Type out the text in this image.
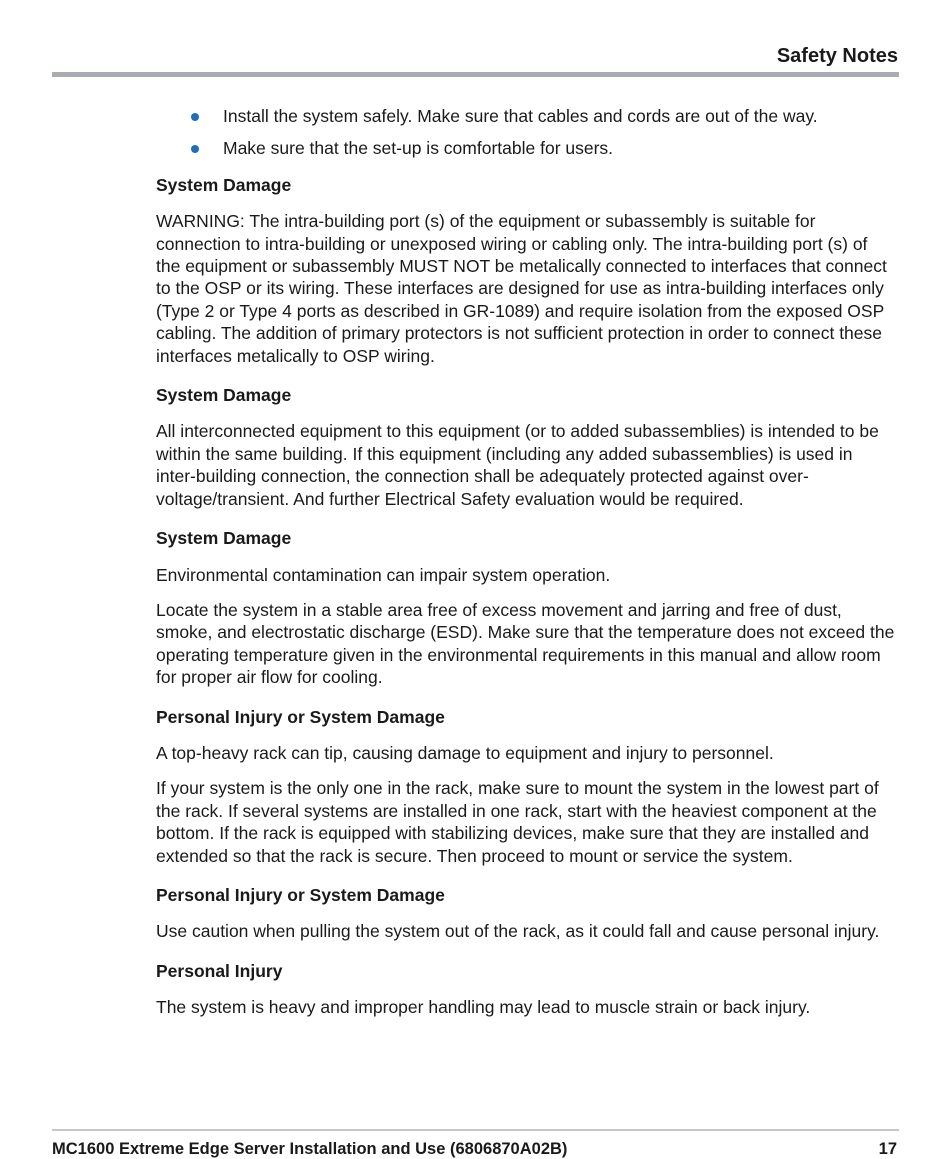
Safety Notes
Install the system safely. Make sure that cables and cords are out of the way.
Make sure that the set-up is comfortable for users.

System Damage

WARNING: The intra-building port (s) of the equipment or subassembly is suitable for connection to intra-building or unexposed wiring or cabling only. The intra-building port (s) of the equipment or subassembly MUST NOT be metalically connected to interfaces that connect to the OSP or its wiring. These interfaces are designed for use as intra-building interfaces only (Type 2 or Type 4 ports as described in GR-1089) and require isolation from the exposed OSP cabling. The addition of primary protectors is not sufficient protection in order to connect these interfaces metalically to OSP wiring.

System Damage

All interconnected equipment to this equipment (or to added subassemblies) is intended to be within the same building. If this equipment (including any added subassemblies) is used in inter-building connection, the connection shall be adequately protected against over-voltage/transient. And further Electrical Safety evaluation would be required.

System Damage

Environmental contamination can impair system operation.

Locate the system in a stable area free of excess movement and jarring and free of dust, smoke, and electrostatic discharge (ESD). Make sure that the temperature does not exceed the operating temperature given in the environmental requirements in this manual and allow room for proper air flow for cooling.

Personal Injury or System Damage

A top-heavy rack can tip, causing damage to equipment and injury to personnel.

If your system is the only one in the rack, make sure to mount the system in the lowest part of the rack. If several systems are installed in one rack, start with the heaviest component at the bottom. If the rack is equipped with stabilizing devices, make sure that they are installed and extended so that the rack is secure. Then proceed to mount or service the system.

Personal Injury or System Damage

Use caution when pulling the system out of the rack, as it could fall and cause personal injury.

Personal Injury

The system is heavy and improper handling may lead to muscle strain or back injury.

MC1600 Extreme Edge Server Installation and Use (6806870A02B)	17
